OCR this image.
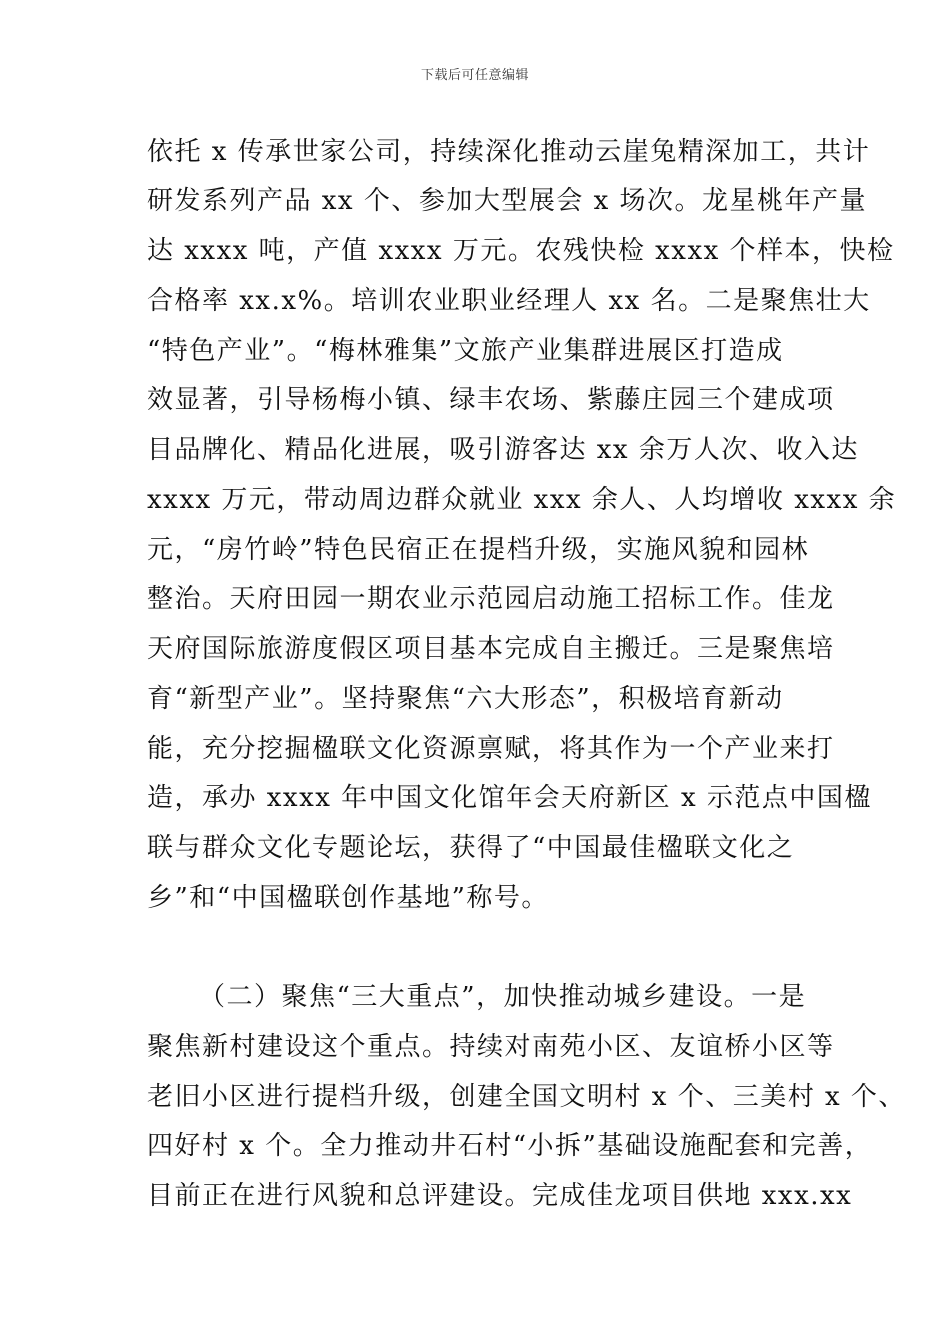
下载后可任意编辑
依托 x 传承世家公司，持续深化推动云崖兔精深加工，共计
研发系列产品 xx 个、参加大型展会 x 场次。龙星桃年产量
达 xxxx 吨，产值 xxxx 万元。农残快检 xxxx 个样本，快检
合格率 xx.x%。培训农业职业经理人 xx 名。二是聚焦壮大
“特色产业”。“梅林雅集”文旅产业集群进展区打造成
效显著，引导杨梅小镇、绿丰农场、紫藤庄园三个建成项
目品牌化、精品化进展，吸引游客达 xx 余万人次、收入达
xxxx 万元，带动周边群众就业 xxx 余人、人均增收 xxxx 余
元，“房竹岭”特色民宿正在提档升级，实施风貌和园林
整治。天府田园一期农业示范园启动施工招标工作。佳龙
天府国际旅游度假区项目基本完成自主搬迁。三是聚焦培
育“新型产业”。坚持聚焦“六大形态”，积极培育新动
能，充分挖掘楹联文化资源禀赋，将其作为一个产业来打
造，承办 xxxx 年中国文化馆年会天府新区 x 示范点中国楹
联与群众文化专题论坛，获得了“中国最佳楹联文化之
乡”和“中国楹联创作基地”称号。
（二）聚焦“三大重点”，加快推动城乡建设。一是
聚焦新村建设这个重点。持续对南苑小区、友谊桥小区等
老旧小区进行提档升级，创建全国文明村 x 个、三美村 x 个、
四好村 x 个。全力推动井石村“小拆”基础设施配套和完善，
目前正在进行风貌和总评建设。完成佳龙项目供地 xxx.xx
